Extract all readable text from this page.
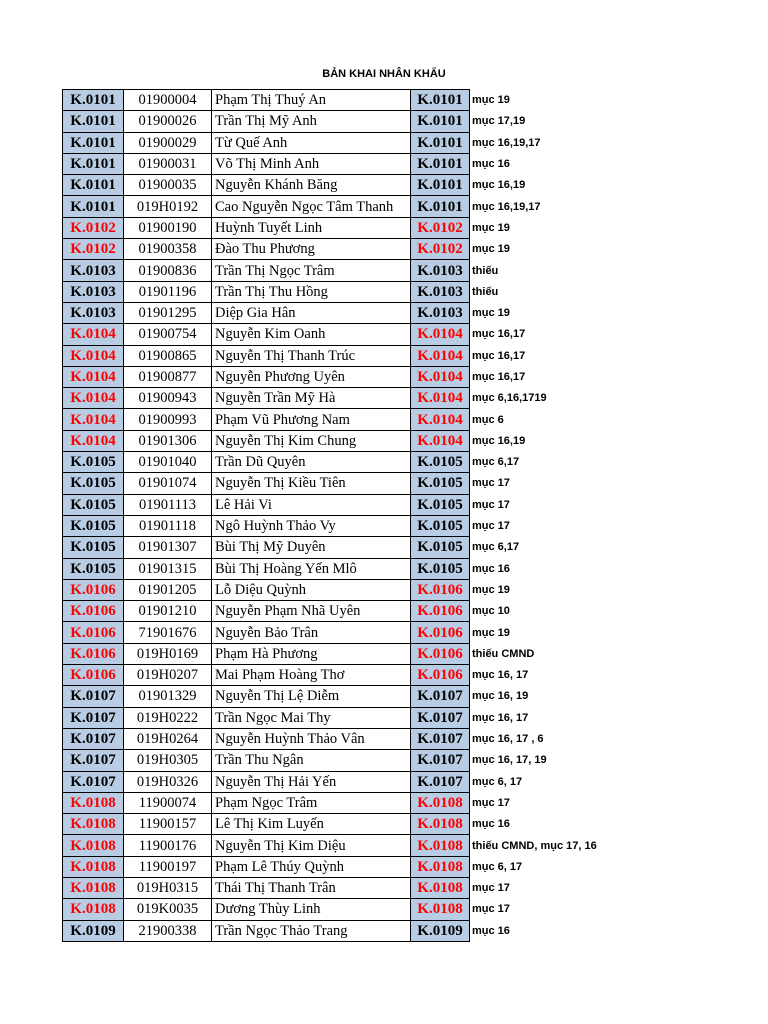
BẢN KHAI NHÂN KHẨU
K.0101	01900004	Phạm Thị Thuý An	K.0101	mục 19
K.0101	01900026	Trần Thị Mỹ Anh	K.0101	mục 17,19
K.0101	01900029	Từ Quế Anh	K.0101	mục 16,19,17
K.0101	01900031	Võ Thị Minh Anh	K.0101	mục 16
K.0101	01900035	Nguyễn Khánh Băng	K.0101	mục 16,19
K.0101	019H0192	Cao Nguyễn Ngọc Tâm Thanh	K.0101	mục 16,19,17
K.0102	01900190	Huỳnh Tuyết Linh	K.0102	mục 19
K.0102	01900358	Đào Thu Phương	K.0102	mục 19
K.0103	01900836	Trần Thị Ngọc Trâm	K.0103	thiếu
K.0103	01901196	Trần Thị Thu Hồng	K.0103	thiếu
K.0103	01901295	Diệp Gia Hân	K.0103	mục 19
K.0104	01900754	Nguyễn Kim Oanh	K.0104	mục 16,17
K.0104	01900865	Nguyễn Thị Thanh Trúc	K.0104	mục 16,17
K.0104	01900877	Nguyễn Phương Uyên	K.0104	mục 16,17
K.0104	01900943	Nguyễn Trần Mỹ Hà	K.0104	mục 6,16,1719
K.0104	01900993	Phạm Vũ Phương Nam	K.0104	mục 6
K.0104	01901306	Nguyễn Thị Kim Chung	K.0104	mục 16,19
K.0105	01901040	Trần Dũ Quyên	K.0105	mục 6,17
K.0105	01901074	Nguyễn Thị Kiều Tiên	K.0105	mục 17
K.0105	01901113	Lê Hải Vi	K.0105	mục 17
K.0105	01901118	Ngô Huỳnh Thảo Vy	K.0105	mục 17
K.0105	01901307	Bùi Thị Mỹ Duyên	K.0105	mục 6,17
K.0105	01901315	Bùi Thị Hoàng Yến Mlô	K.0105	mục 16
K.0106	01901205	Lỗ Diệu Quỳnh	K.0106	mục 19
K.0106	01901210	Nguyễn Phạm Nhã Uyên	K.0106	mục 10
K.0106	71901676	Nguyễn Bảo Trân	K.0106	mục 19
K.0106	019H0169	Phạm Hà Phương	K.0106	thiếu CMND
K.0106	019H0207	Mai Phạm Hoàng Thơ	K.0106	mục 16, 17
K.0107	01901329	Nguyễn Thị Lệ Diễm	K.0107	mục 16, 19
K.0107	019H0222	Trần Ngọc Mai Thy	K.0107	mục 16, 17
K.0107	019H0264	Nguyễn Huỳnh Thảo Vân	K.0107	mục 16, 17 , 6
K.0107	019H0305	Trần Thu Ngân	K.0107	mục 16, 17, 19
K.0107	019H0326	Nguyễn Thị Hải Yến	K.0107	mục 6, 17
K.0108	11900074	Phạm Ngọc Trâm	K.0108	mục 17
K.0108	11900157	Lê Thị Kim Luyến	K.0108	mục 16
K.0108	11900176	Nguyễn Thị Kim Diệu	K.0108	thiếu CMND, mục 17, 16
K.0108	11900197	Phạm Lê Thúy Quỳnh	K.0108	mục 6, 17
K.0108	019H0315	Thái Thị Thanh Trân	K.0108	mục 17
K.0108	019K0035	Dương Thùy Linh	K.0108	mục 17
K.0109	21900338	Trần Ngọc Thảo Trang	K.0109	mục 16
